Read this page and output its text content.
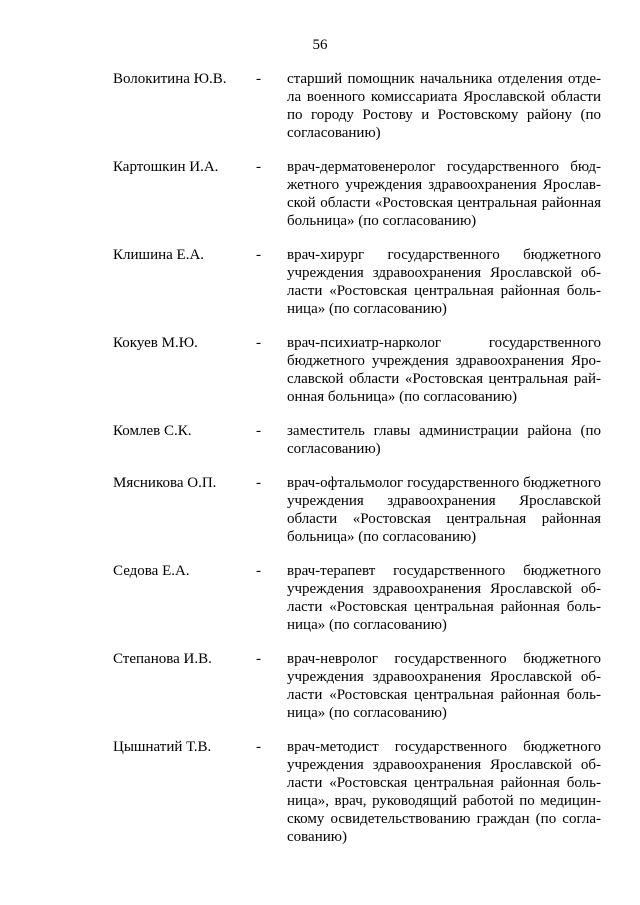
56
Волокитина Ю.В.	- старший помощник начальника отделения отдела военного комиссариата Ярославской области по городу Ростову и Ростовскому району (по согласованию)
Картошкин И.А.	- врач-дерматовенеролог государственного бюджетного учреждения здравоохранения Ярославской области «Ростовская центральная районная больница» (по согласованию)
Клишина Е.А.	- врач-хирург государственного бюджетного учреждения здравоохранения Ярославской области «Ростовская центральная районная больница» (по согласованию)
Кокуев М.Ю.	- врач-психиатр-нарколог государственного бюджетного учреждения здравоохранения Ярославской области «Ростовская центральная районная больница» (по согласованию)
Комлев С.К.	- заместитель главы администрации района (по согласованию)
Мясникова О.П.	- врач-офтальмолог государственного бюджетного учреждения здравоохранения Ярославской области «Ростовская центральная районная больница» (по согласованию)
Седова Е.А.	- врач-терапевт государственного бюджетного учреждения здравоохранения Ярославской области «Ростовская центральная районная больница» (по согласованию)
Степанова И.В.	- врач-невролог государственного бюджетного учреждения здравоохранения Ярославской области «Ростовская центральная районная больница» (по согласованию)
Цышнатий Т.В.	- врач-методист государственного бюджетного учреждения здравоохранения Ярославской области «Ростовская центральная районная больница», врач, руководящий работой по медицинскому освидетельствованию граждан (по согласованию)
